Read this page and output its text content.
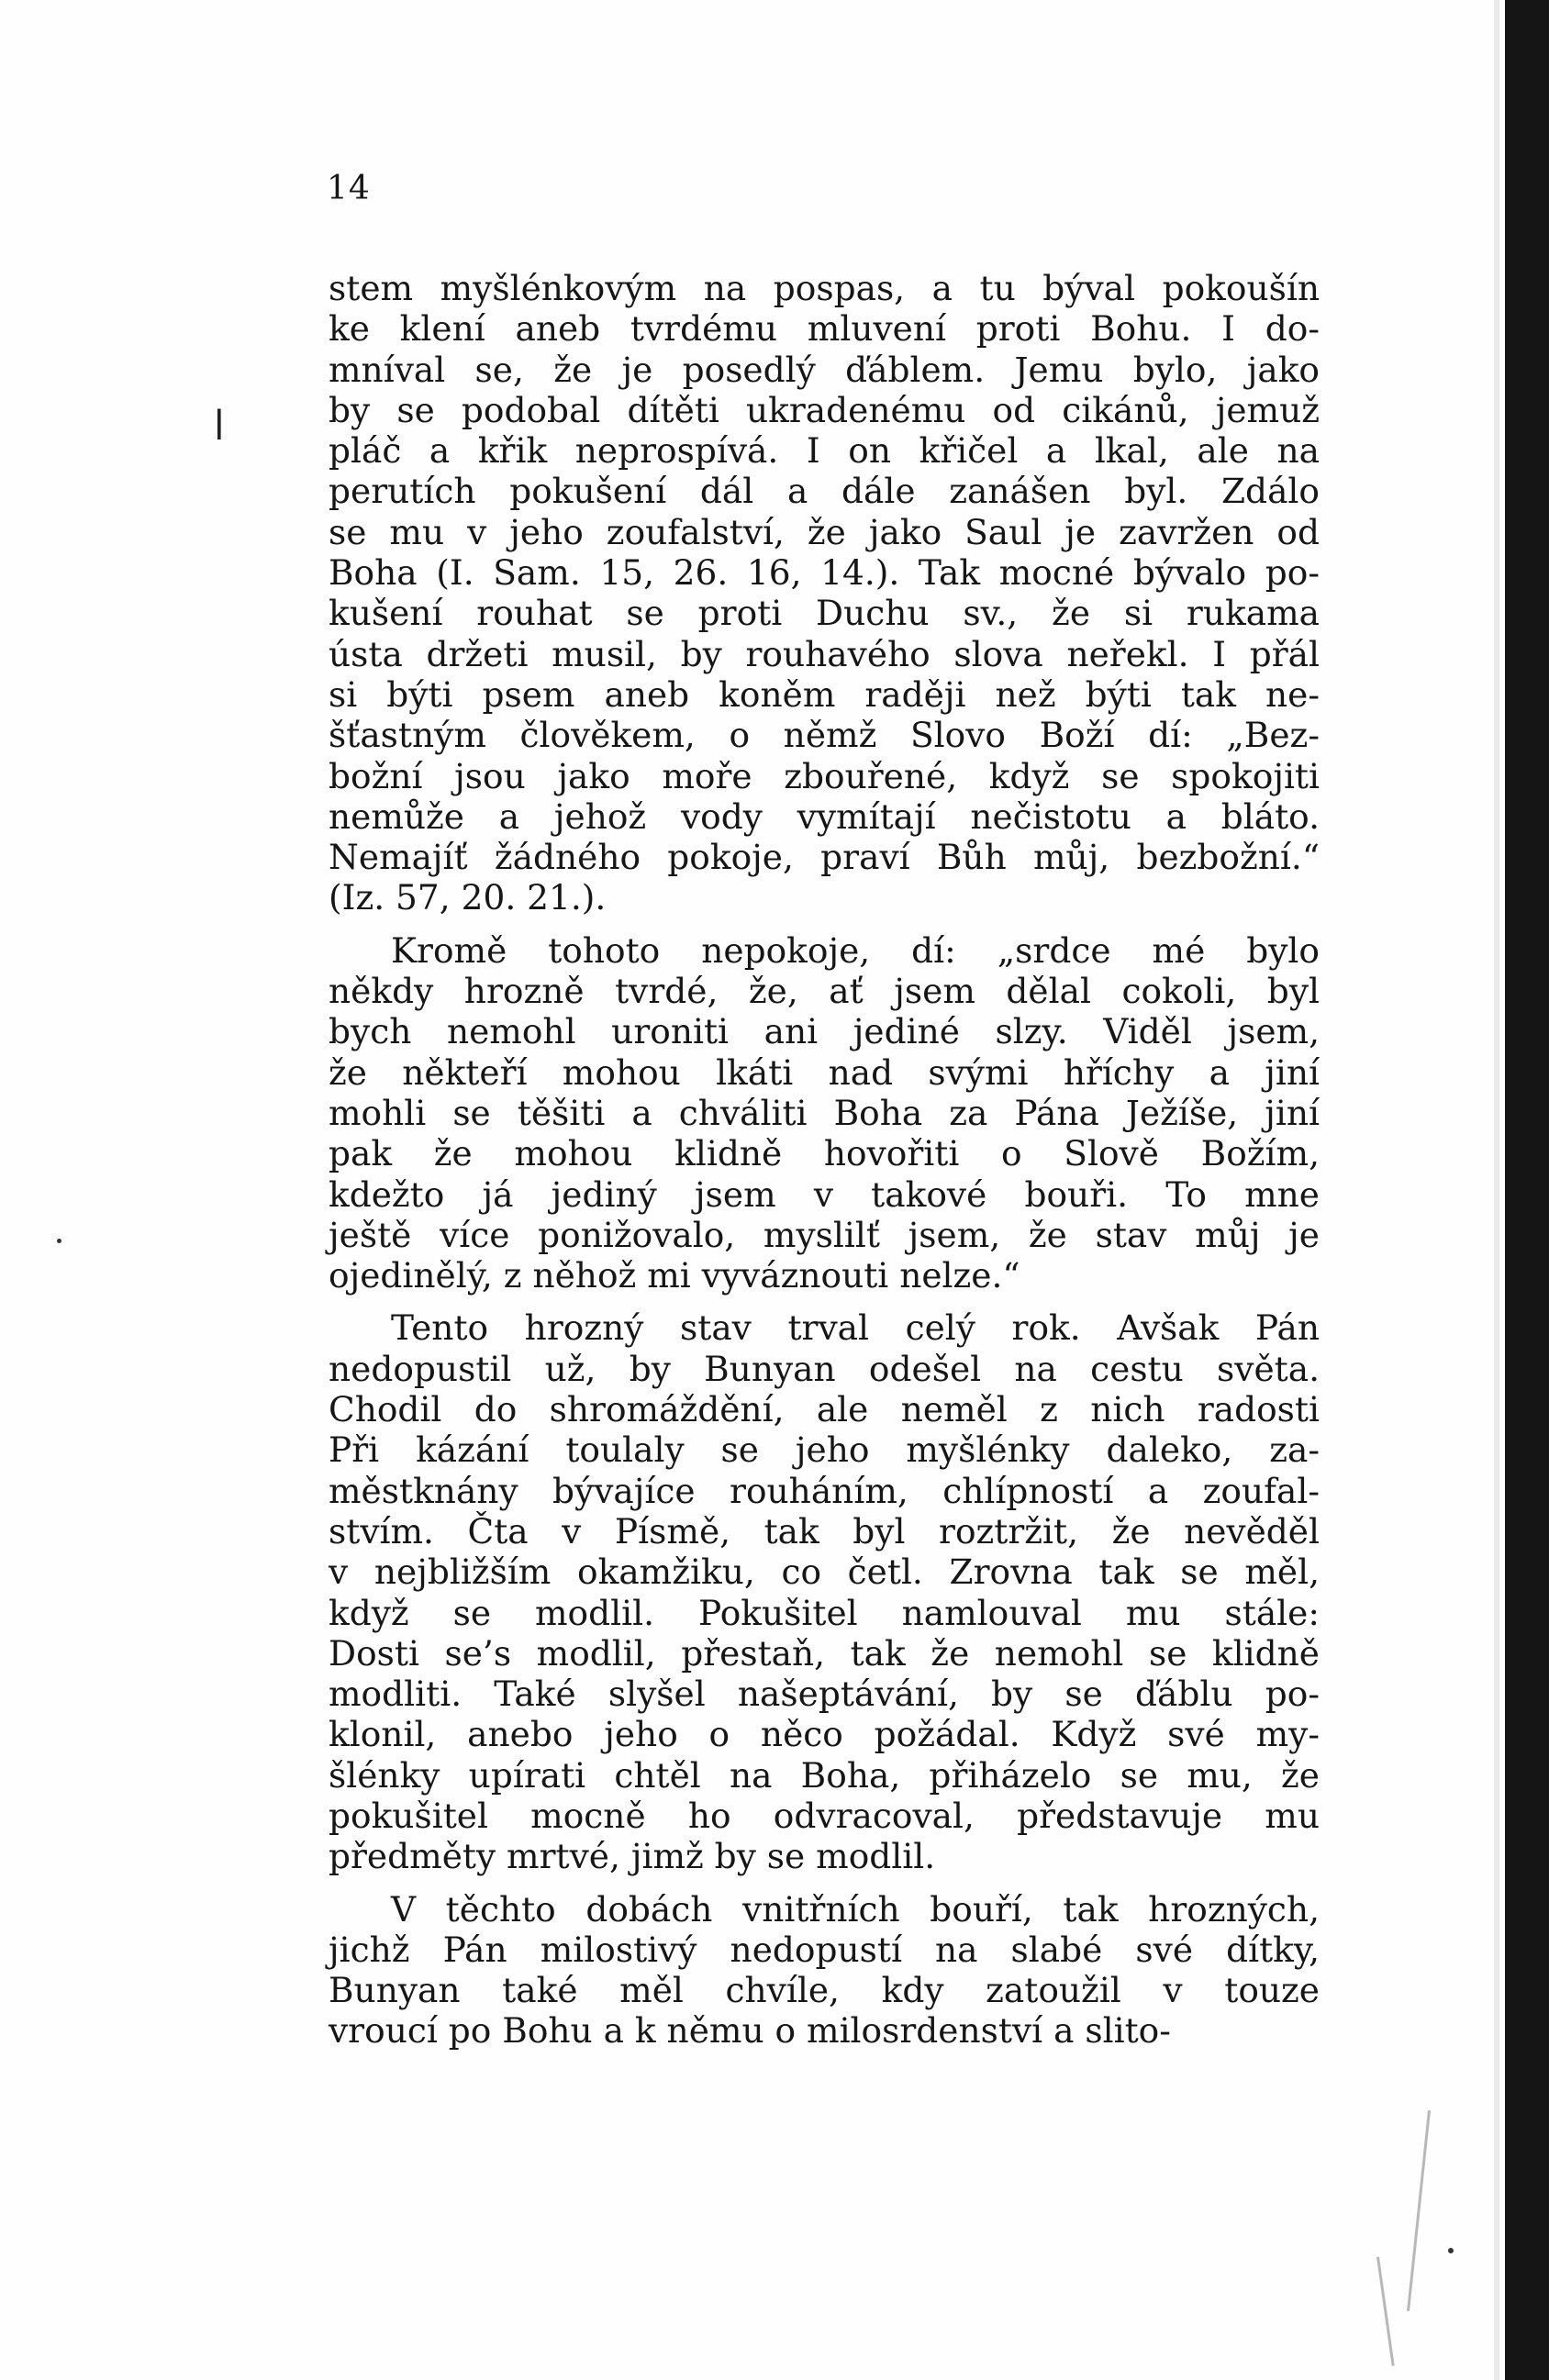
14
ǀ
stem myšlénkovým na pospas, a tu býval pokoušín
ke klení aneb tvrdému mluvení proti Bohu. I do-
mníval se, že je posedlý ďáblem. Jemu bylo, jako
by se podobal dítěti ukradenému od cikánů, jemuž
pláč a křik neprospívá. I on křičel a lkal, ale na
perutích pokušení dál a dále zanášen byl. Zdálo
se mu v jeho zoufalství, že jako Saul je zavržen od
Boha (I. Sam. 15, 26. 16, 14.). Tak mocné bývalo po-
kušení rouhat se proti Duchu sv., že si rukama
ústa držeti musil, by rouhavého slova neřekl. I přál
si býti psem aneb koněm raději než býti tak ne-
šťastným člověkem, o němž Slovo Boží dí: „Bez-
božní jsou jako moře zbouřené, když se spokojiti
nemůže a jehož vody vymítají nečistotu a bláto.
Nemajíť žádného pokoje, praví Bůh můj, bezbožní.“
(Iz. 57, 20. 21.).
Kromě tohoto nepokoje, dí: „srdce mé bylo
někdy hrozně tvrdé, že, ať jsem dělal cokoli, byl
bych nemohl uroniti ani jediné slzy. Viděl jsem,
že někteří mohou lkáti nad svými hříchy a jiní
mohli se těšiti a chváliti Boha za Pána Ježíše, jiní
pak že mohou klidně hovořiti o Slově Božím,
kdežto já jediný jsem v takové bouři. To mne
ještě více ponižovalo, myslilť jsem, že stav můj je
ojedinělý, z něhož mi vyváznouti nelze.“
Tento hrozný stav trval celý rok. Avšak Pán
nedopustil už, by Bunyan odešel na cestu světa.
Chodil do shromáždění, ale neměl z nich radosti
Při kázání toulaly se jeho myšlénky daleko, za-
městknány bývajíce rouháním, chlípností a zoufal-
stvím. Čta v Písmě, tak byl roztržit, že nevěděl
v nejbližším okamžiku, co četl. Zrovna tak se měl,
když se modlil. Pokušitel namlouval mu stále:
Dosti se’s modlil, přestaň, tak že nemohl se klidně
modliti. Také slyšel našeptávání, by se ďáblu po-
klonil, anebo jeho o něco požádal. Když své my-
šlénky upírati chtěl na Boha, přiházelo se mu, že
pokušitel mocně ho odvracoval, představuje mu
předměty mrtvé, jimž by se modlil.
V těchto dobách vnitřních bouří, tak hrozných,
jichž Pán milostivý nedopustí na slabé své dítky,
Bunyan také měl chvíle, kdy zatoužil v touze
vroucí po Bohu a k němu o milosrdenství a slito-
